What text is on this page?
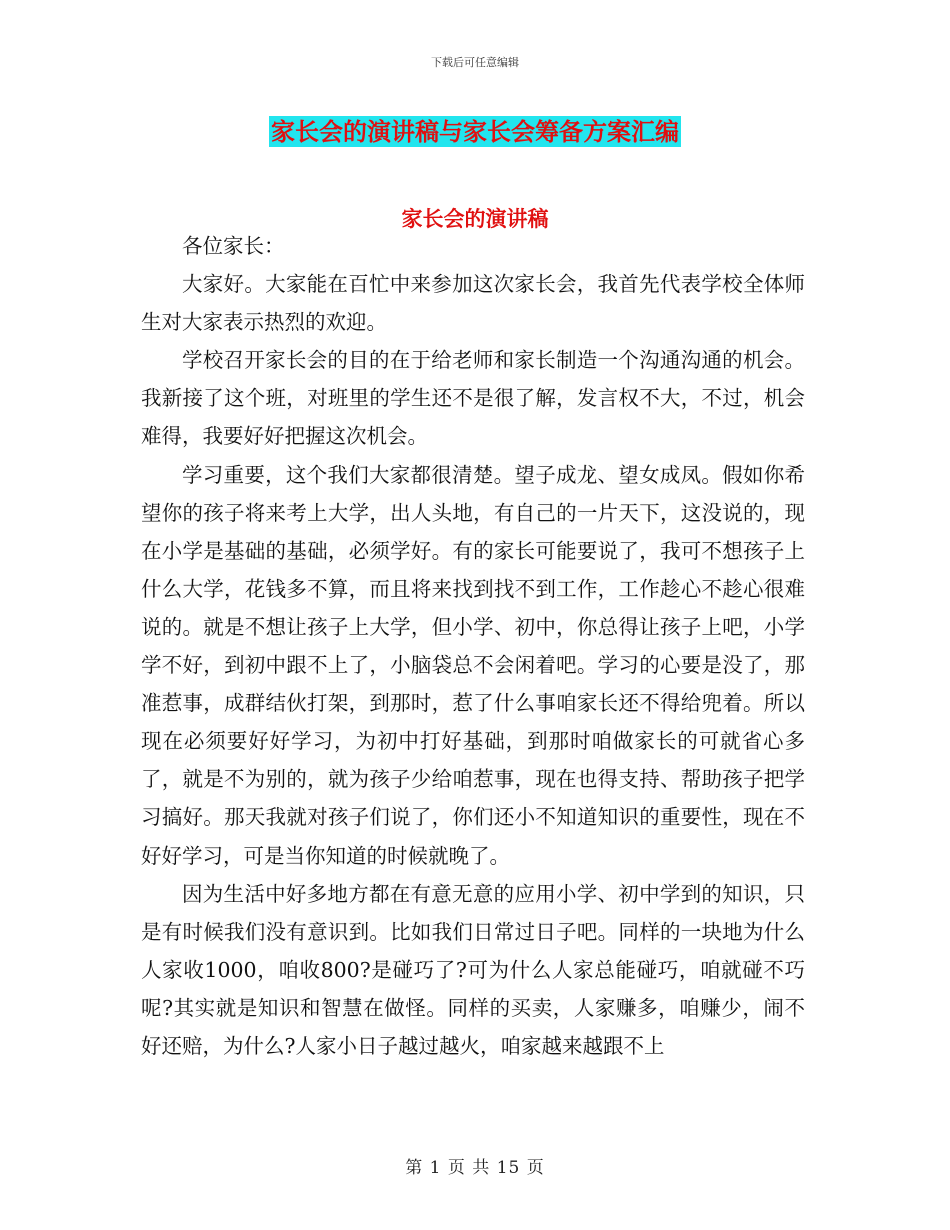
下载后可任意编辑
家长会的演讲稿与家长会筹备方案汇编
家长会的演讲稿

各位家长：

大家好。大家能在百忙中来参加这次家长会，我首先代表学校全体师生对大家表示热烈的欢迎。

学校召开家长会的目的在于给老师和家长制造一个沟通沟通的机会。我新接了这个班，对班里的学生还不是很了解，发言权不大，不过，机会难得，我要好好把握这次机会。

学习重要，这个我们大家都很清楚。望子成龙、望女成凤。假如你希望你的孩子将来考上大学，出人头地，有自己的一片天下，这没说的，现在小学是基础的基础，必须学好。有的家长可能要说了，我可不想孩子上什么大学，花钱多不算，而且将来找到找不到工作，工作趁心不趁心很难说的。就是不想让孩子上大学，但小学、初中，你总得让孩子上吧，小学学不好，到初中跟不上了，小脑袋总不会闲着吧。学习的心要是没了，那准惹事，成群结伙打架，到那时，惹了什么事咱家长还不得给兜着。所以现在必须要好好学习，为初中打好基础，到那时咱做家长的可就省心多了，就是不为别的，就为孩子少给咱惹事，现在也得支持、帮助孩子把学习搞好。那天我就对孩子们说了，你们还小不知道知识的重要性，现在不好好学习，可是当你知道的时候就晚了。

因为生活中好多地方都在有意无意的应用小学、初中学到的知识，只是有时候我们没有意识到。比如我们日常过日子吧。同样的一块地为什么人家收1000，咱收800?是碰巧了?可为什么人家总能碰巧，咱就碰不巧呢?其实就是知识和智慧在做怪。同样的买卖，人家赚多，咱赚少，闹不好还赔，为什么?人家小日子越过越火，咱家越来越跟不上

第 1 页 共 15 页
